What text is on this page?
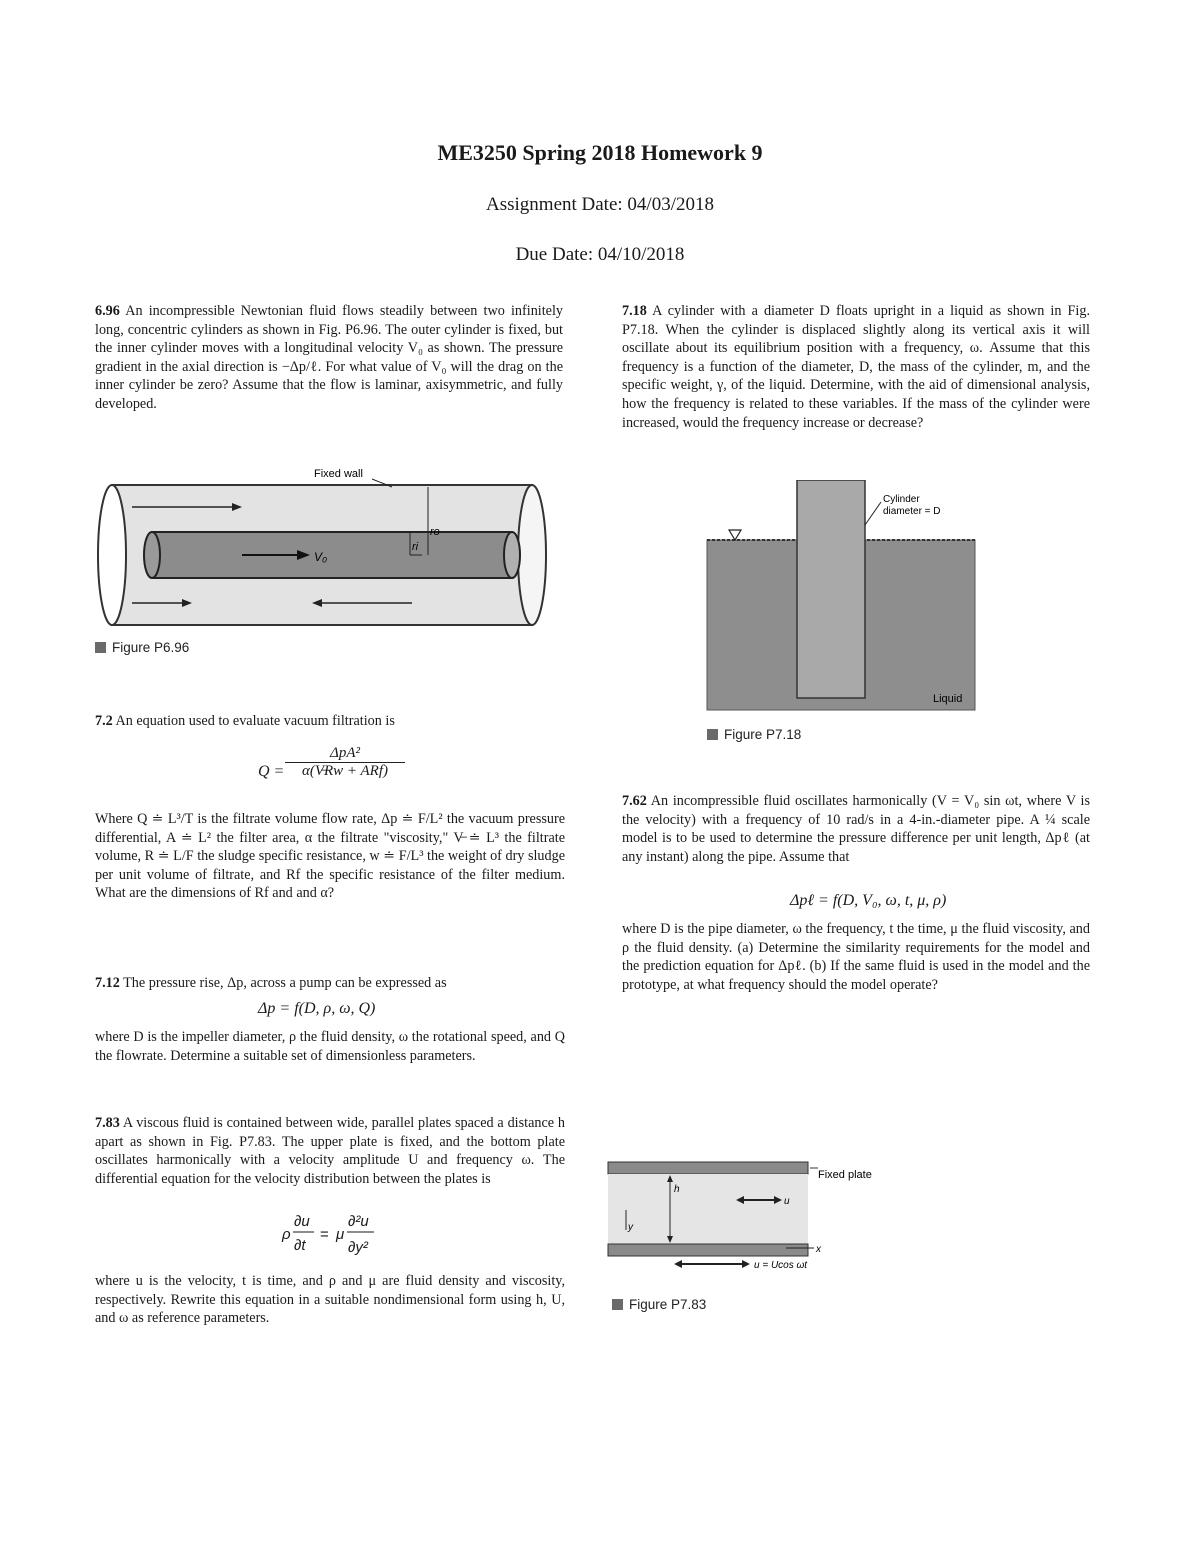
ME3250 Spring 2018 Homework 9
Assignment Date: 04/03/2018
Due Date: 04/10/2018
6.96 An incompressible Newtonian fluid flows steadily between two infinitely long, concentric cylinders as shown in Fig. P6.96. The outer cylinder is fixed, but the inner cylinder moves with a longitudinal velocity V₀ as shown. The pressure gradient in the axial direction is −Δp/ℓ. For what value of V₀ will the drag on the inner cylinder be zero? Assume that the flow is laminar, axisymmetric, and fully developed.
V₀
ri
ro
Fixed wall
Figure P6.96
7.2 An equation used to evaluate vacuum filtration is
Q =
ΔpA²
α(V̶Rw + ARf)
Where Q ≐ L³/T is the filtrate volume flow rate, Δp ≐ F/L² the vacuum pressure differential, A ≐ L² the filter area, α the filtrate "viscosity," V̶ ≐ L³ the filtrate volume, R ≐ L/F the sludge specific resistance, w ≐ F/L³ the weight of dry sludge per unit volume of filtrate, and Rf the specific resistance of the filter medium. What are the dimensions of Rf and and α?
7.12 The pressure rise, Δp, across a pump can be expressed as
Δp = f(D, ρ, ω, Q)
where D is the impeller diameter, ρ the fluid density, ω the rotational speed, and Q the flowrate. Determine a suitable set of dimensionless parameters.
7.83 A viscous fluid is contained between wide, parallel plates spaced a distance h apart as shown in Fig. P7.83. The upper plate is fixed, and the bottom plate oscillates harmonically with a velocity amplitude U and frequency ω. The differential equation for the velocity distribution between the plates is
ρ
∂u
∂t
= μ
∂²u
∂y²
where u is the velocity, t is time, and ρ and μ are fluid density and viscosity, respectively. Rewrite this equation in a suitable nondimensional form using h, U, and ω as reference parameters.
7.18 A cylinder with a diameter D floats upright in a liquid as shown in Fig. P7.18. When the cylinder is displaced slightly along its vertical axis it will oscillate about its equilibrium position with a frequency, ω. Assume that this frequency is a function of the diameter, D, the mass of the cylinder, m, and the specific weight, γ, of the liquid. Determine, with the aid of dimensional analysis, how the frequency is related to these variables. If the mass of the cylinder were increased, would the frequency increase or decrease?
Cylinder
diameter = D
Liquid
Figure P7.18
7.62 An incompressible fluid oscillates harmonically (V = V₀ sin ωt, where V is the velocity) with a frequency of 10 rad/s in a 4-in.-diameter pipe. A ¼ scale model is to be used to determine the pressure difference per unit length, Δpℓ (at any instant) along the pipe. Assume that
Δpℓ = f(D, V₀, ω, t, μ, ρ)
where D is the pipe diameter, ω the frequency, t the time, μ the fluid viscosity, and ρ the fluid density. (a) Determine the similarity requirements for the model and the prediction equation for Δpℓ. (b) If the same fluid is used in the model and the prototype, at what frequency should the model operate?
Fixed plate
h
y
u
x
u = Ucos ωt
Figure P7.83
